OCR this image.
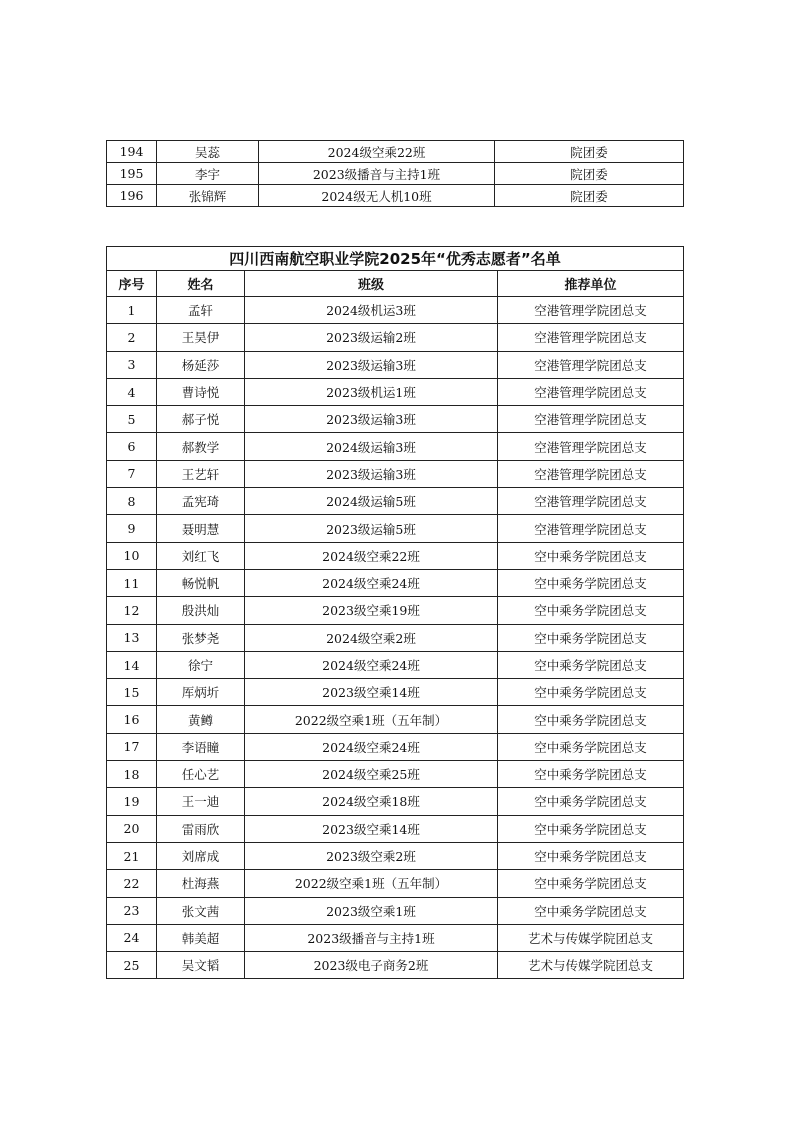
194	吴蕊	2024级空乘22班	院团委
195	李宇	2023级播音与主持1班	院团委
196	张锦辉	2024级无人机10班	院团委
四川西南航空职业学院2025年“优秀志愿者”名单			
序号	姓名	班级	推荐单位
1	孟轩	2024级机运3班	空港管理学院团总支
2	王昊伊	2023级运输2班	空港管理学院团总支
3	杨延莎	2023级运输3班	空港管理学院团总支
4	曹诗悦	2023级机运1班	空港管理学院团总支
5	郝子悦	2023级运输3班	空港管理学院团总支
6	郝教学	2024级运输3班	空港管理学院团总支
7	王艺轩	2023级运输3班	空港管理学院团总支
8	孟宪琦	2024级运输5班	空港管理学院团总支
9	聂明慧	2023级运输5班	空港管理学院团总支
10	刘红飞	2024级空乘22班	空中乘务学院团总支
11	畅悦帆	2024级空乘24班	空中乘务学院团总支
12	殷洪灿	2023级空乘19班	空中乘务学院团总支
13	张梦尧	2024级空乘2班	空中乘务学院团总支
14	徐宁	2024级空乘24班	空中乘务学院团总支
15	厍炳圻	2023级空乘14班	空中乘务学院团总支
16	黄鳟	2022级空乘1班（五年制）	空中乘务学院团总支
17	李语瞳	2024级空乘24班	空中乘务学院团总支
18	任心艺	2024级空乘25班	空中乘务学院团总支
19	王一迪	2024级空乘18班	空中乘务学院团总支
20	雷雨欣	2023级空乘14班	空中乘务学院团总支
21	刘席成	2023级空乘2班	空中乘务学院团总支
22	杜海燕	2022级空乘1班（五年制）	空中乘务学院团总支
23	张文茜	2023级空乘1班	空中乘务学院团总支
24	韩美超	2023级播音与主持1班	艺术与传媒学院团总支
25	吴文韬	2023级电子商务2班	艺术与传媒学院团总支
